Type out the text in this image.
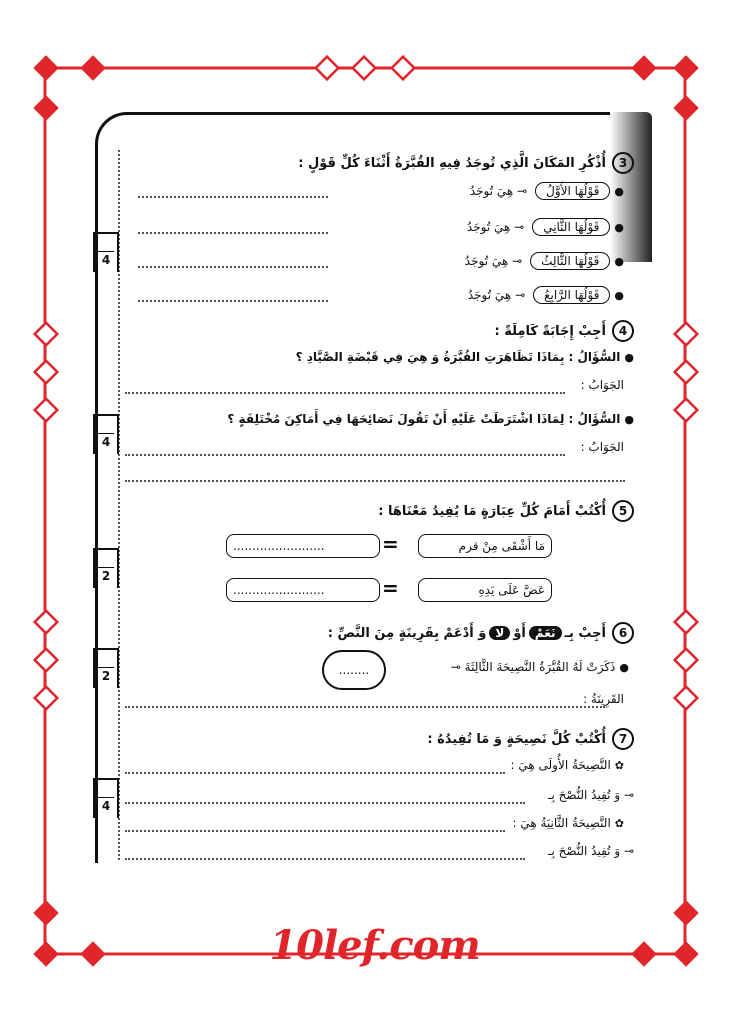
4

4

2

2

4
3أُذْكُرِ المَكَانَ الَّذِي تُوجَدُ فِيهِ القُبَّرَةُ أَثْنَاءَ كُلِّ قَوْلٍ :
●قَوْلُهَا الأَوَّلُ⊸ هِيَ تُوجَدُ
●قَوْلُهَا الثَّانِي⊸ هِيَ تُوجَدُ
●قَوْلُهَا الثَّالِثُ⊸ هِيَ تُوجَدُ
●قَوْلُهَا الرَّابِعُ⊸ هِيَ تُوجَدُ
4أَجِبْ إِجَابَةً كَامِلَةً :
●السُّؤَالُ : بِمَاذَا تَظَاهَرَتِ القُبَّرَةُ وَ هِيَ فِي قَبْضَةِ الصَّيَّادِ ؟
الجَوَابُ :
●السُّؤَالُ : لِمَاذَا اشْتَرَطَتْ عَلَيْهِ أَنْ تَقُولَ نَصَائِحَهَا فِي أَمَاكِنَ مُخْتَلِفَةٍ ؟
الجَوَابُ :
5أُكْتُبْ أَمَامَ كُلِّ عِبَارَةٍ مَا يُفِيدُ مَعْنَاهَا :
مَا أَشْقَى مِنْ قرم
=
........................
عَضَّ عَلَى يَدِهِ
=
........................
6أَجِبْ بِـنَعَمْأَوْلاوَ أَدْعَمْ بِقَرِينَةٍ مِنَ النَّصِّ :
●ذَكَرَتْ لَهُ القُبَّرَةُ النَّصِيحَةَ الثَّالِثَةَ ⊸
........
القَرِينَةُ :
7أُكْتُبْ كُلَّ نَصِيحَةٍ وَ مَا تُفِيدُهُ :
✿النَّصِيحَةُ الأُولَى هِيَ :
⊸ وَ تُفِيدُ النُّصْحَ بِـ
✿النَّصِيحَةُ الثَّانِيَةُ هِيَ :
⊸ وَ تُفِيدُ النُّصْحَ بِـ
10lef.com
